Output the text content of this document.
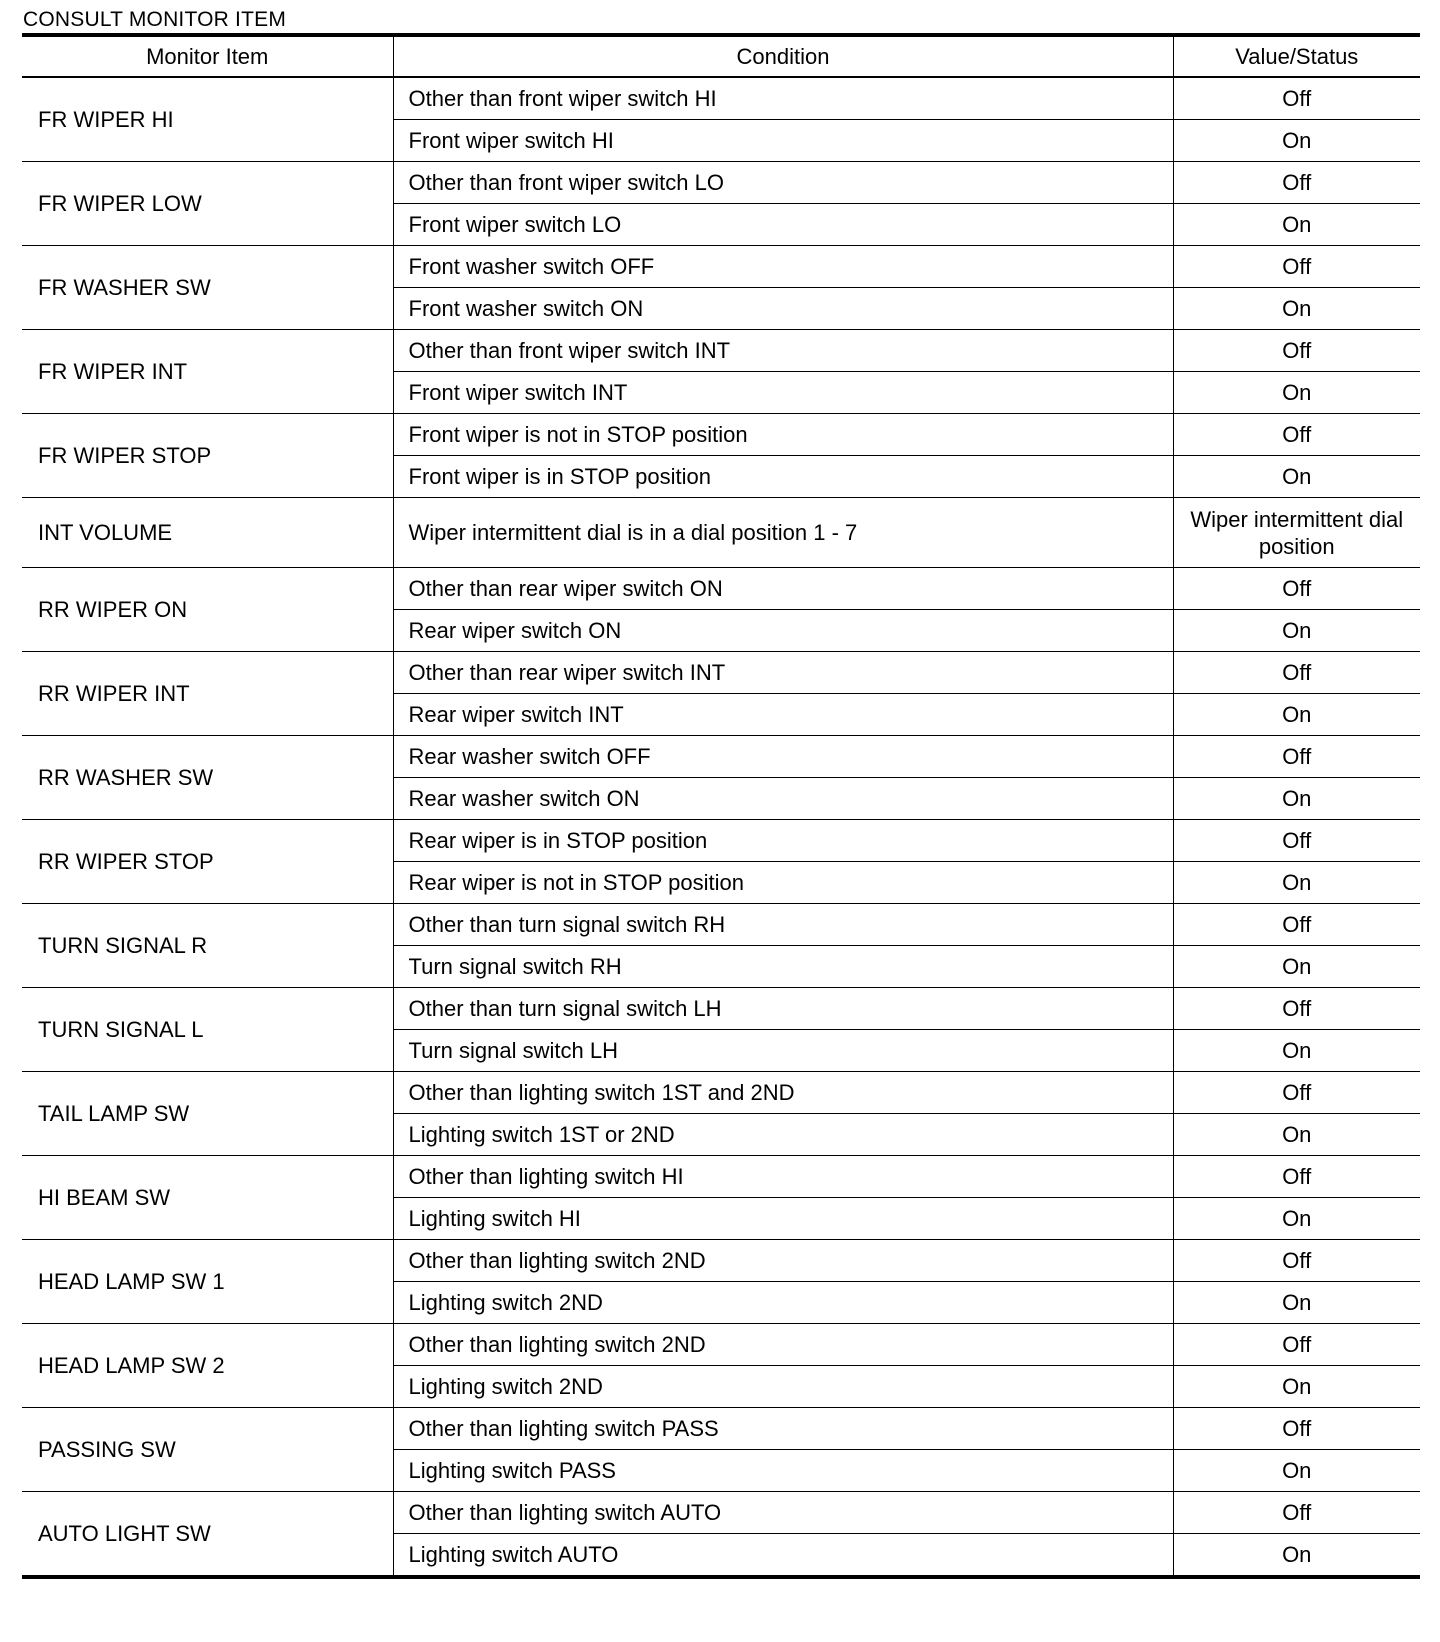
CONSULT MONITOR ITEM
Monitor Item	Condition	Value/Status
FR WIPER HI	Other than front wiper switch HI	Off
	Front wiper switch HI	On
FR WIPER LOW	Other than front wiper switch LO	Off
	Front wiper switch LO	On
FR WASHER SW	Front washer switch OFF	Off
	Front washer switch ON	On
FR WIPER INT	Other than front wiper switch INT	Off
	Front wiper switch INT	On
FR WIPER STOP	Front wiper is not in STOP position	Off
	Front wiper is in STOP position	On
INT VOLUME	Wiper intermittent dial is in a dial position 1 - 7	Wiper intermittent dial position
RR WIPER ON	Other than rear wiper switch ON	Off
	Rear wiper switch ON	On
RR WIPER INT	Other than rear wiper switch INT	Off
	Rear wiper switch INT	On
RR WASHER SW	Rear washer switch OFF	Off
	Rear washer switch ON	On
RR WIPER STOP	Rear wiper is in STOP position	Off
	Rear wiper is not in STOP position	On
TURN SIGNAL R	Other than turn signal switch RH	Off
	Turn signal switch RH	On
TURN SIGNAL L	Other than turn signal switch LH	Off
	Turn signal switch LH	On
TAIL LAMP SW	Other than lighting switch 1ST and 2ND	Off
	Lighting switch 1ST or 2ND	On
HI BEAM SW	Other than lighting switch HI	Off
	Lighting switch HI	On
HEAD LAMP SW 1	Other than lighting switch 2ND	Off
	Lighting switch 2ND	On
HEAD LAMP SW 2	Other than lighting switch 2ND	Off
	Lighting switch 2ND	On
PASSING SW	Other than lighting switch PASS	Off
	Lighting switch PASS	On
AUTO LIGHT SW	Other than lighting switch AUTO	Off
	Lighting switch AUTO	On
